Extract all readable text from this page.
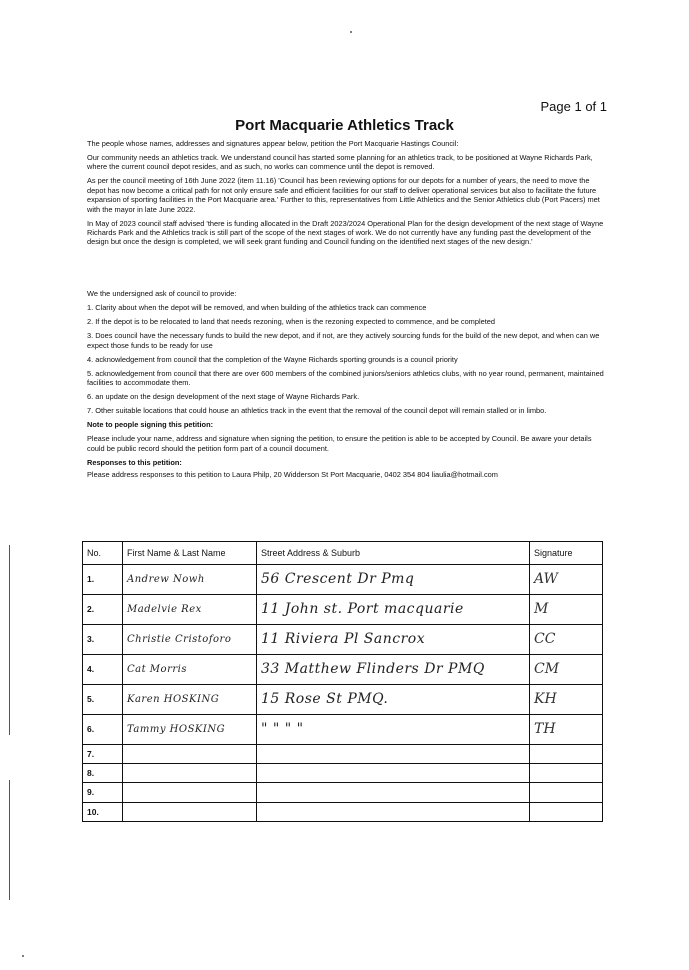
Page 1 of 1
Port Macquarie Athletics Track

The people whose names, addresses and signatures appear below, petition the Port Macquarie Hastings Council:

Our community needs an athletics track. We understand council has started some planning for an athletics track, to be positioned at Wayne Richards Park, where the current council depot resides, and as such, no works can commence until the depot is removed.

As per the council meeting of 16th June 2022 (item 11.16) 'Council has been reviewing options for our depots for a number of years, the need to move the depot has now become a critical path for not only ensure safe and efficient facilities for our staff to deliver operational services but also to facilitate the future expansion of sporting facilities in the Port Macquarie area.' Further to this, representatives from Little Athletics and the Senior Athletics club (Port Pacers) met with the mayor in late June 2022.

In May of 2023 council staff advised 'there is funding allocated in the Draft 2023/2024 Operational Plan for the design development of the next stage of Wayne Richards Park and the Athletics track is still part of the scope of the next stages of work. We do not currently have any funding past the development of the design but once the design is completed, we will seek grant funding and Council funding on the identified next stages of the new design.'

We the undersigned ask of council to provide:

1. Clarity about when the depot will be removed, and when building of the athletics track can commence

2. If the depot is to be relocated to land that needs rezoning, when is the rezoning expected to commence, and be completed

3. Does council have the necessary funds to build the new depot, and if not, are they actively sourcing funds for the build of the new depot, and when can we expect those funds to be ready for use

4. acknowledgement from council that the completion of the Wayne Richards sporting grounds is a council priority

5. acknowledgement from council that there are over 600 members of the combined juniors/seniors athletics clubs, with no year round, permanent, maintained facilities to accommodate them.

6. an update on the design development of the next stage of Wayne Richards Park.

7. Other suitable locations that could house an athletics track in the event that the removal of the council depot will remain stalled or in limbo.

Note to people signing this petition:

Please include your name, address and signature when signing the petition, to ensure the petition is able to be accepted by Council. Be aware your details could be public record should the petition form part of a council document.

Responses to this petition:

Please address responses to this petition to Laura Philp, 20 Widderson St Port Macquarie, 0402 354 804 liaulia@hotmail.com

No.	First Name & Last Name	Street Address & Suburb	Signature
1.	Andrew Nowh	56 Crescent Dr Pmq	AW
2.	Madelvie Rex	11 John st. Port macquarie	M
3.	Christie Cristoforo	11 Riviera Pl Sancrox	CC
4.	Cat Morris	33 Matthew Flinders Dr PMQ	CM
5.	Karen HOSKING	15 Rose St PMQ.	KH
6.	Tammy HOSKING	" " " "	TH
7.			
8.			
9.			
10.			
